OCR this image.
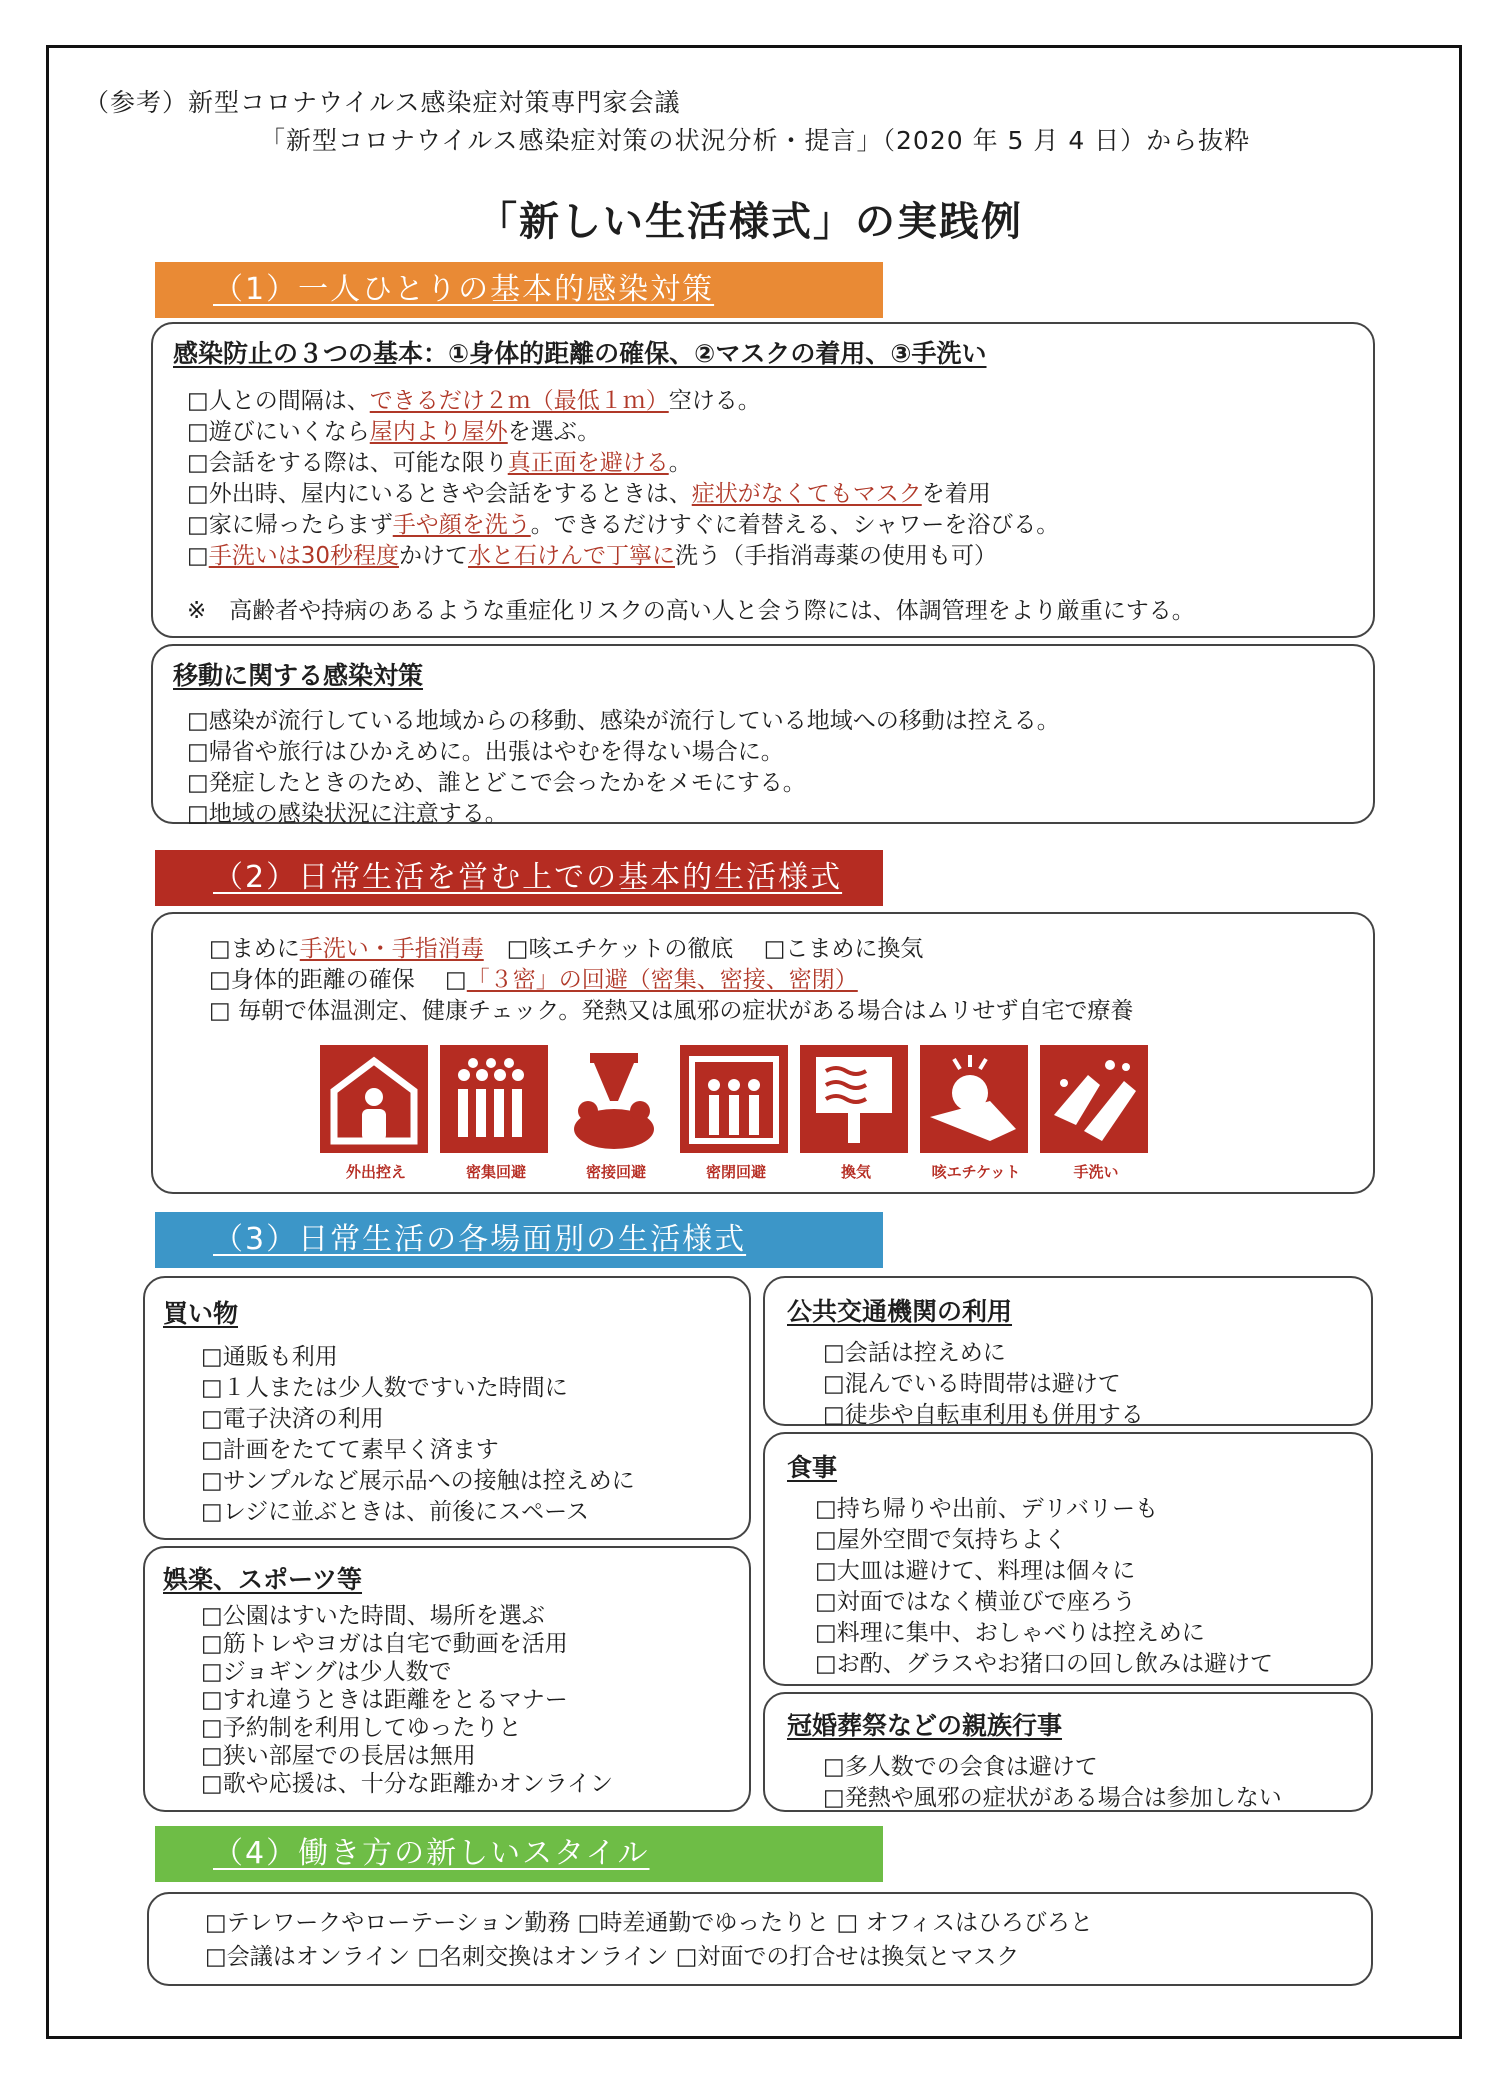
（参考）新型コロナウイルス感染症対策専門家会議
「新型コロナウイルス感染症対策の状況分析・提言」（2020 年 5 月 4 日）から抜粋
「新しい生活様式」の実践例
（1）一人ひとりの基本的感染対策

感染防止の３つの基本：①身体的距離の確保、②マスクの着用、③手洗い

□人との間隔は、できるだけ２ｍ（最低１ｍ）空ける。
□遊びにいくなら屋内より屋外を選ぶ。
□会話をする際は、可能な限り真正面を避ける。
□外出時、屋内にいるときや会話をするときは、症状がなくてもマスクを着用
□家に帰ったらまず手や顔を洗う。できるだけすぐに着替える、シャワーを浴びる。
□手洗いは30秒程度かけて水と石けんで丁寧に洗う（手指消毒薬の使用も可）
※　高齢者や持病のあるような重症化リスクの高い人と会う際には、体調管理をより厳重にする。

移動に関する感染対策

□感染が流行している地域からの移動、感染が流行している地域への移動は控える。
□帰省や旅行はひかえめに。出張はやむを得ない場合に。
□発症したときのため、誰とどこで会ったかをメモにする。
□地域の感染状況に注意する。
（2）日常生活を営む上での基本的生活様式
□まめに手洗い・手指消毒　□咳エチケットの徹底　 □こまめに換気
□身体的距離の確保　 □「３密」の回避（密集、密接、密閉）
□ 毎朝で体温測定、健康チェック。発熱又は風邪の症状がある場合はムリせず自宅で療養
外出控え	密集回避	密接回避	密閉回避	換気	咳エチケット	手洗い
（3）日常生活の各場面別の生活様式

買い物

□通販も利用
□１人または少人数ですいた時間に
□電子決済の利用
□計画をたてて素早く済ます
□サンプルなど展示品への接触は控えめに
□レジに並ぶときは、前後にスペース

娯楽、スポーツ等

□公園はすいた時間、場所を選ぶ
□筋トレやヨガは自宅で動画を活用
□ジョギングは少人数で
□すれ違うときは距離をとるマナー
□予約制を利用してゆったりと
□狭い部屋での長居は無用
□歌や応援は、十分な距離かオンライン

公共交通機関の利用

□会話は控えめに
□混んでいる時間帯は避けて
□徒歩や自転車利用も併用する

食事

□持ち帰りや出前、デリバリーも
□屋外空間で気持ちよく
□大皿は避けて、料理は個々に
□対面ではなく横並びで座ろう
□料理に集中、おしゃべりは控えめに
□お酌、グラスやお猪口の回し飲みは避けて

冠婚葬祭などの親族行事

□多人数での会食は避けて
□発熱や風邪の症状がある場合は参加しない
（4）働き方の新しいスタイル
□テレワークやローテーション勤務 □時差通勤でゆったりと □ オフィスはひろびろと
□会議はオンライン □名刺交換はオンライン □対面での打合せは換気とマスク
